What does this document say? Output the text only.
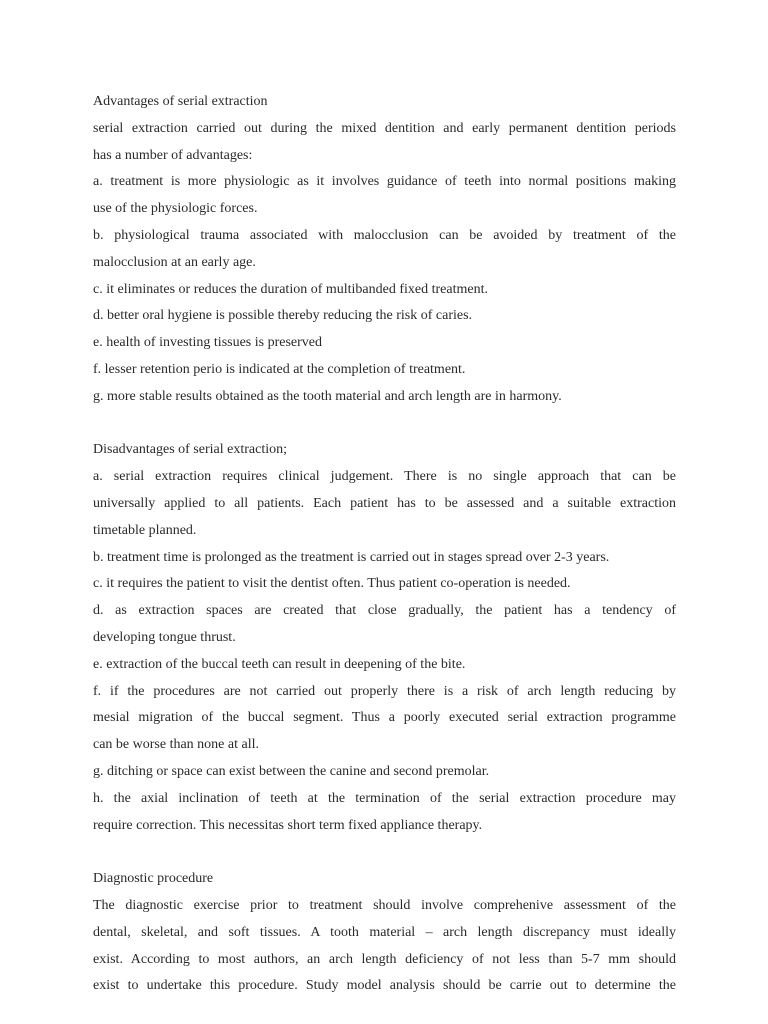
Advantages of serial extraction
serial extraction carried out during the mixed dentition and early permanent dentition periods
has a number of advantages:
a. treatment is more physiologic as it involves guidance of teeth into normal positions making
use of the physiologic forces.
b. physiological trauma associated with malocclusion can be avoided by treatment of the
malocclusion at an early age.
c. it eliminates or reduces the duration of multibanded fixed treatment.
d. better oral hygiene is possible thereby reducing the risk of caries.
e. health of investing tissues is preserved
f. lesser retention perio is indicated at the completion of treatment.
g. more stable results obtained as the tooth material and arch length are in harmony.
Disadvantages of serial extraction;
a. serial extraction requires clinical judgement. There is no single approach that can be
universally applied to all patients. Each patient has to be assessed and a suitable extraction
timetable planned.
b. treatment time is prolonged as the treatment is carried out in stages spread over 2-3 years.
c. it requires the patient to visit the dentist often. Thus patient co-operation is needed.
d. as extraction spaces are created that close gradually, the patient has a tendency of
developing tongue thrust.
e. extraction of the buccal teeth can result in deepening of the bite.
f. if the procedures are not carried out properly there is a risk of arch length reducing by
mesial migration of the buccal segment. Thus a poorly executed serial extraction programme
can be worse than none at all.
g. ditching or space can exist between the canine and second premolar.
h. the axial inclination of teeth at the termination of the serial extraction procedure may
require correction. This necessitas short term fixed appliance therapy.
Diagnostic procedure
The diagnostic exercise prior to treatment should involve comprehenive assessment of the
dental, skeletal, and soft tissues. A tooth material – arch length discrepancy must ideally
exist. According to most authors, an arch length deficiency of not less than 5-7 mm should
exist to undertake this procedure. Study model analysis should be carrie out to determine the
